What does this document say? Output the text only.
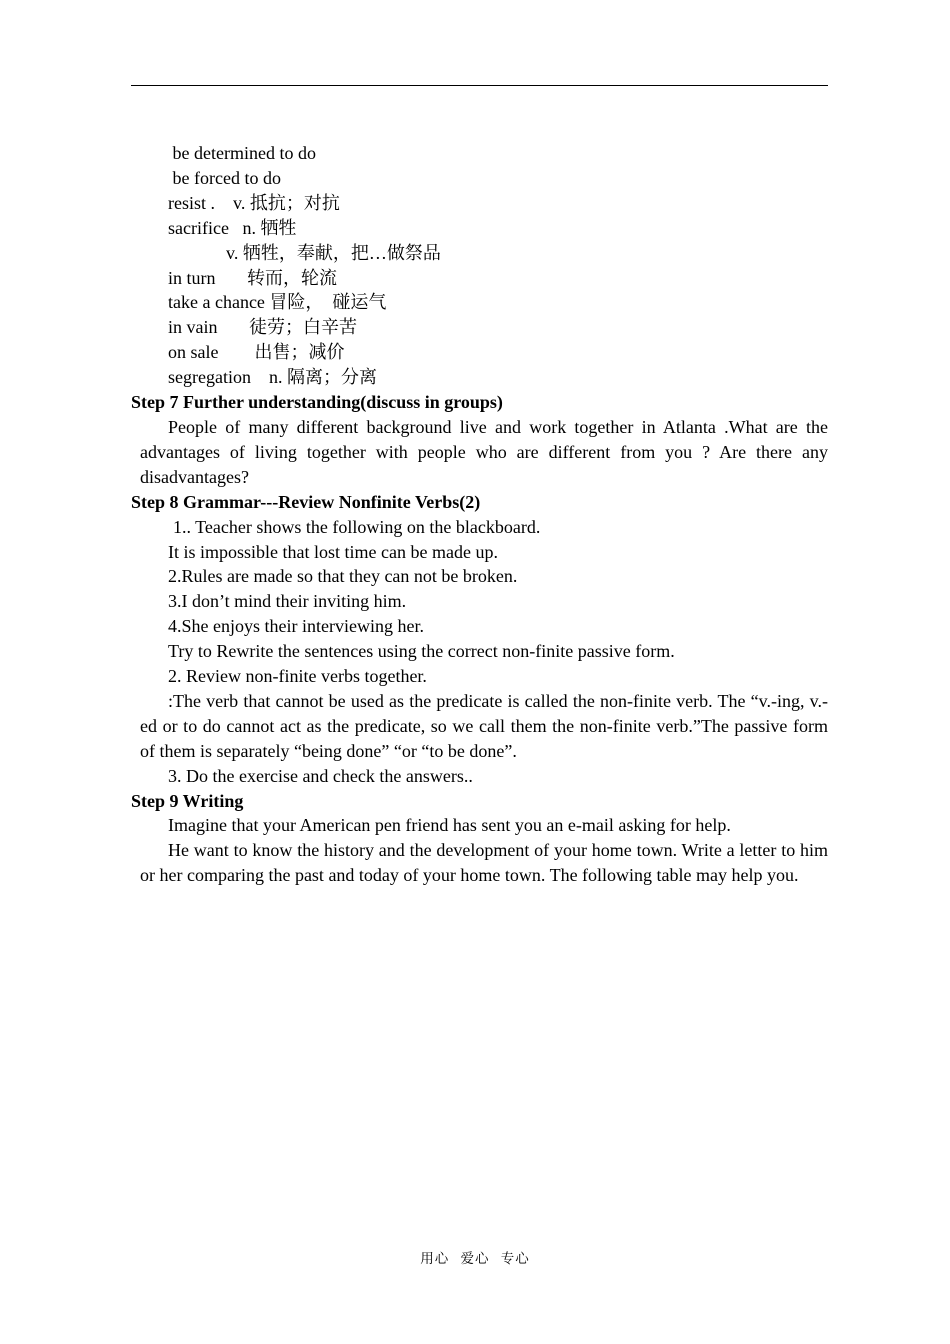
be determined to do
be forced to do
resist .    v. 抵抗；对抗
sacrifice   n. 牺牲
v. 牺牲，奉献，把…做祭品
in turn       转而，轮流
take a chance 冒险，  碰运气
in vain       徒劳；白辛苦
on sale        出售；减价
segregation    n. 隔离；分离
Step 7 Further understanding(discuss in groups)

People of many different background live and work together in Atlanta .What are the advantages of living together with people who are different from you ? Are there any disadvantages?

Step 8 Grammar---Review Nonfinite Verbs(2)
1.. Teacher shows the following on the blackboard.
It is impossible that lost time can be made up.
2.Rules are made so that they can not be broken.
3.I don’t mind their inviting him.
4.She enjoys their interviewing her.
Try to Rewrite the sentences using the correct non-finite passive form.
2. Review non-finite verbs together.

:The verb that cannot be used as the predicate is called the non-finite verb. The “v.-ing, v.-ed or to do cannot act as the predicate, so we call them the non-finite verb.”The passive form of them is separately “being done” “or “to be done”.

3. Do the exercise and check the answers..
Step 9 Writing
Imagine that your American pen friend has sent you an e-mail asking for help.

He want to know the history and the development of your home town. Write a letter to him or her comparing the past and today of your home town. The following table may help you.

用心 爱心 专心
